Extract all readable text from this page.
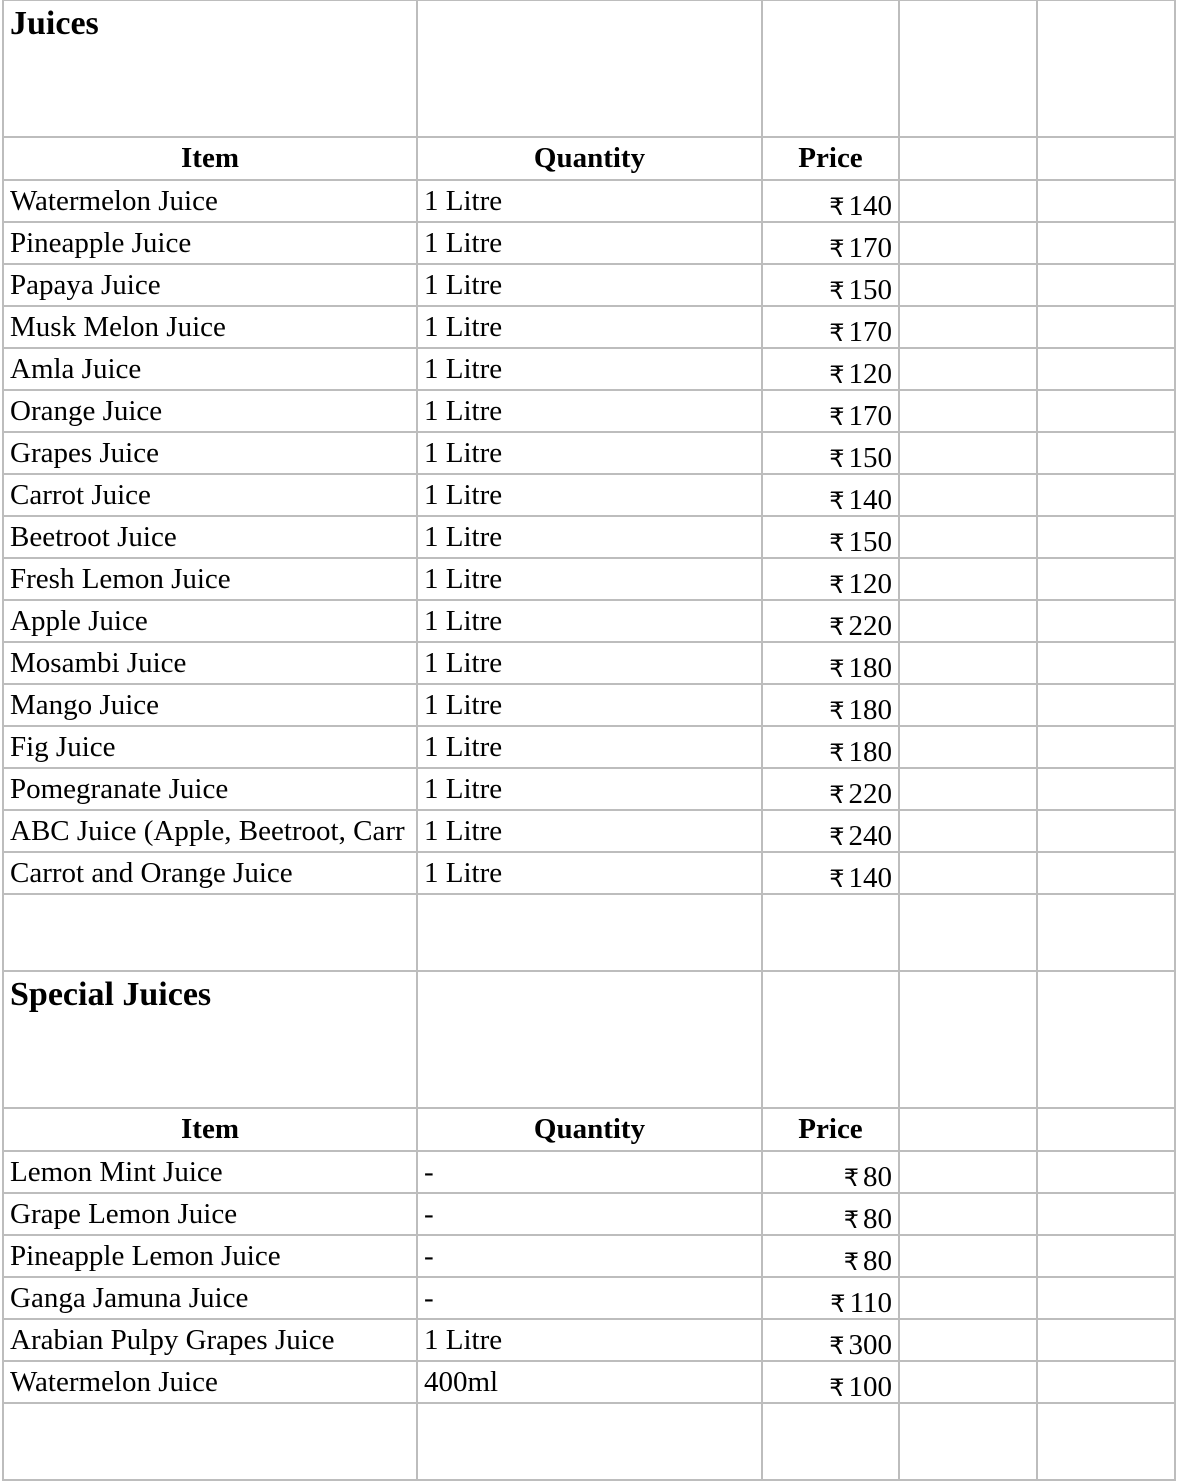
Juices				
Item	Quantity	Price		
Watermelon Juice	1 Litre	₹ 140		
Pineapple Juice	1 Litre	₹ 170		
Papaya Juice	1 Litre	₹ 150		
Musk Melon Juice	1 Litre	₹ 170		
Amla Juice	1 Litre	₹ 120		
Orange Juice	1 Litre	₹ 170		
Grapes Juice	1 Litre	₹ 150		
Carrot Juice	1 Litre	₹ 140		
Beetroot Juice	1 Litre	₹ 150		
Fresh Lemon Juice	1 Litre	₹ 120		
Apple Juice	1 Litre	₹ 220		
Mosambi Juice	1 Litre	₹ 180		
Mango Juice	1 Litre	₹ 180		
Fig Juice	1 Litre	₹ 180		
Pomegranate Juice	1 Litre	₹ 220		
ABC Juice (Apple, Beetroot, Carr	1 Litre	₹ 240		
Carrot and Orange Juice	1 Litre	₹ 140		

Special Juices				
Item	Quantity	Price		
Lemon Mint Juice	-	₹ 80		
Grape Lemon Juice	-	₹ 80		
Pineapple Lemon Juice	-	₹ 80		
Ganga Jamuna Juice	-	₹ 110		
Arabian Pulpy Grapes Juice	1 Litre	₹ 300		
Watermelon Juice	400ml	₹ 100		
